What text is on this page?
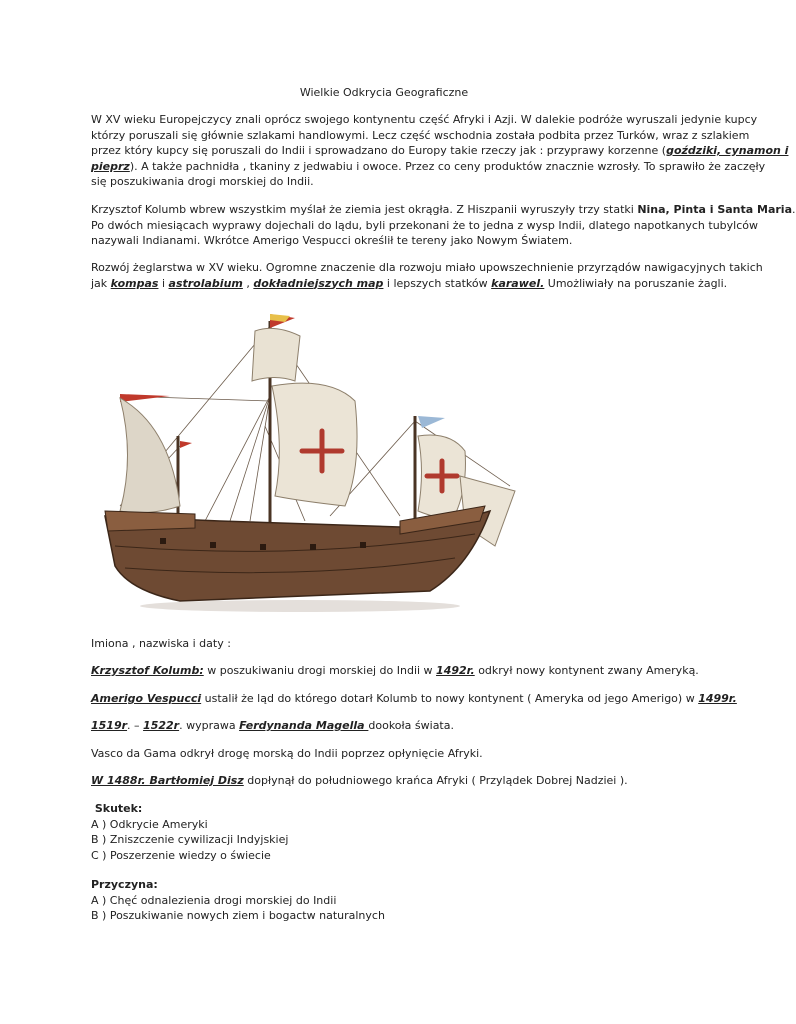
Wielkie Odkrycia Geograficzne
W XV wieku Europejczycy znali oprócz swojego kontynentu część Afryki i Azji. W dalekie podróże wyruszali jedynie kupcy
którzy poruszali się głównie szlakami handlowymi. Lecz część wschodnia została podbita przez Turków, wraz z szlakiem
przez który kupcy się poruszali do Indii i sprowadzano do Europy takie rzeczy jak : przyprawy korzenne (goździki, cynamon i
pieprz). A także pachnidła , tkaniny z jedwabiu i owoce. Przez co ceny produktów znacznie wzrosły. To sprawiło że zaczęły
się poszukiwania drogi morskiej do Indii.
Krzysztof Kolumb wbrew wszystkim myślał że ziemia jest okrągła. Z Hiszpanii wyruszyły trzy statki Nina, Pinta i Santa Maria.
Po dwóch miesiącach wyprawy dojechali do lądu, byli przekonani że to jedna z wysp Indii, dlatego napotkanych tubylców
nazywali Indianami. Wkrótce Amerigo Vespucci określił te tereny jako Nowym Światem.
Rozwój żeglarstwa w XV wieku. Ogromne znaczenie dla rozwoju miało upowszechnienie przyrządów nawigacyjnych takich
jak kompas i astrolabium , dokładniejszych map i lepszych statków karawel. Umożliwiały na poruszanie żagli.
Imiona , nazwiska i daty :
Krzysztof Kolumb: w poszukiwaniu drogi morskiej do Indii w 1492r. odkrył nowy kontynent zwany Ameryką.
Amerigo Vespucci ustalił że ląd do którego dotarł Kolumb to nowy kontynent ( Ameryka od jego Amerigo) w 1499r.
1519r. – 1522r. wyprawa Ferdynanda Magella dookoła świata.
Vasco da Gama odkrył drogę morską do Indii poprzez opłynięcie Afryki.
W 1488r. Bartłomiej Disz dopłynął do południowego krańca Afryki ( Przylądek Dobrej Nadziei ).
Skutek:
A ) Odkrycie Ameryki
B ) Zniszczenie cywilizacji Indyjskiej
C ) Poszerzenie wiedzy o świecie
Przyczyna:
A ) Chęć odnalezienia drogi morskiej do Indii
B ) Poszukiwanie nowych ziem i bogactw naturalnych
